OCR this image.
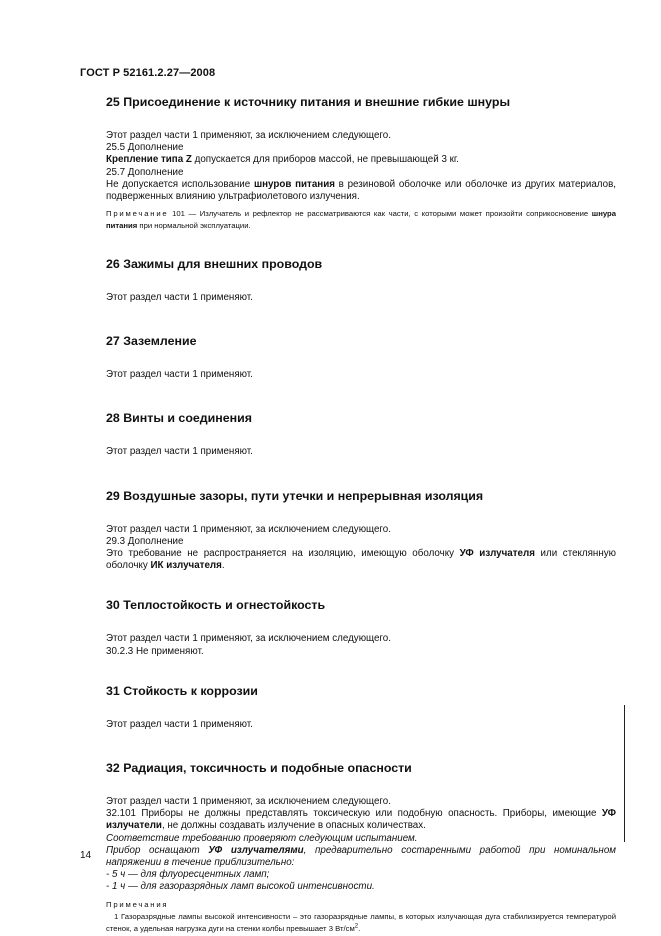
ГОСТ Р 52161.2.27—2008
25 Присоединение к источнику питания и внешние гибкие шнуры

Этот раздел части 1 применяют, за исключением следующего.

25.5 Дополнение

Крепление типа Z допускается для приборов массой, не превышающей 3 кг.

25.7 Дополнение

Не допускается использование шнуров питания в резиновой оболочке или оболочке из других материалов, подверженных влиянию ультрафиолетового излучения.

Примечание 101 — Излучатель и рефлектор не рассматриваются как части, с которыми может произойти соприкосновение шнура питания при нормальной эксплуатации.

26 Зажимы для внешних проводов

Этот раздел части 1 применяют.

27 Заземление

Этот раздел части 1 применяют.

28 Винты и соединения

Этот раздел части 1 применяют.

29 Воздушные зазоры, пути утечки и непрерывная изоляция

Этот раздел части 1 применяют, за исключением следующего.

29.3 Дополнение

Это требование не распространяется на изоляцию, имеющую оболочку УФ излучателя или стеклянную оболочку ИК излучателя.

30 Теплостойкость и огнестойкость

Этот раздел части 1 применяют, за исключением следующего.

30.2.3 Не применяют.

31 Стойкость к коррозии

Этот раздел части 1 применяют.

32 Радиация, токсичность и подобные опасности

Этот раздел части 1 применяют, за исключением следующего.

32.101 Приборы не должны представлять токсическую или подобную опасность. Приборы, имеющие УФ излучатели, не должны создавать излучение в опасных количествах.

Соответствие требованию проверяют следующим испытанием.

Прибор оснащают УФ излучателями, предварительно состаренными работой при номинальном напряжении в течение приблизительно:

- 5 ч — для флуоресцентных ламп;

- 1 ч — для газоразрядных ламп высокой интенсивности.

Примечания

1 Газоразрядные лампы высокой интенсивности – это газоразрядные лампы, в которых излучающая дуга стабилизируется температурой стенок, а удельная нагрузка дуги на стенки колбы превышает 3 $Вт/см^2$.

14
